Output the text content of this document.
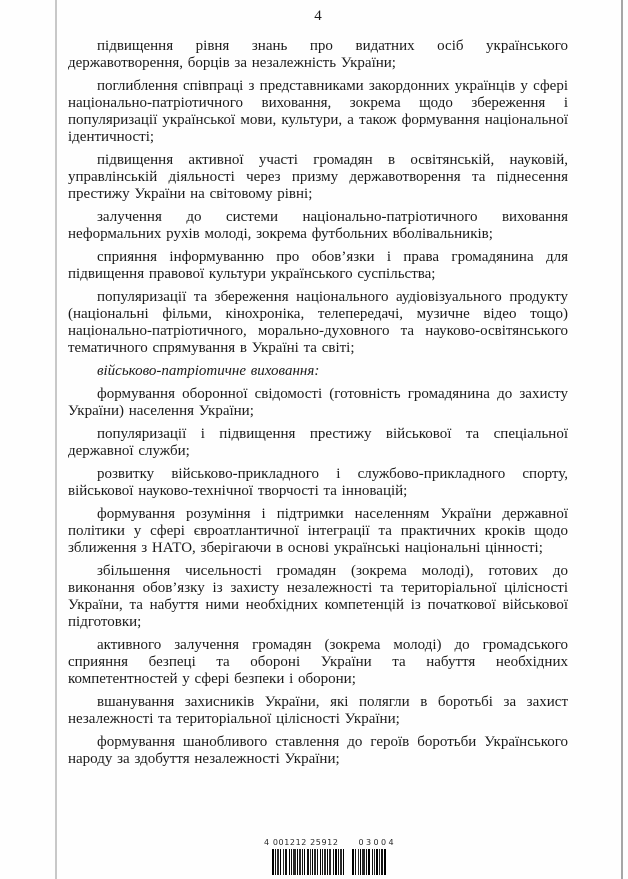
4

підвищення рівня знань про видатних осіб українського державотворення, борців за незалежність України;

поглиблення співпраці з представниками закордонних українців у сфері національно-патріотичного виховання, зокрема щодо збереження і популяризації української мови, культури, а також формування національної ідентичності;

підвищення активної участі громадян в освітянській, науковій, управлінській діяльності через призму державотворення та піднесення престижу України на світовому рівні;

залучення до системи національно-патріотичного виховання неформальних рухів молоді, зокрема футбольних вболівальників;

сприяння інформуванню про обов’язки і права громадянина для підвищення правової культури українського суспільства;

популяризації та збереження національного аудіовізуального продукту (національні фільми, кінохроніка, телепередачі, музичне відео тощо) національно-патріотичного, морально-духовного та науково-освітянського тематичного спрямування в Україні та світі;

військово-патріотичне виховання:

формування оборонної свідомості (готовність громадянина до захисту України) населення України;

популяризації і підвищення престижу військової та спеціальної державної служби;

розвитку військово-прикладного і службово-прикладного спорту, військової науково-технічної творчості та інновацій;

формування розуміння і підтримки населенням України державної політики у сфері євроатлантичної інтеграції та практичних кроків щодо зближення з НАТО, зберігаючи в основі українські національні цінності;

збільшення чисельності громадян (зокрема молоді), готових до виконання обов’язку із захисту незалежності та територіальної цілісності України, та набуття ними необхідних компетенцій із початкової військової підготовки;

активного залучення громадян (зокрема молоді) до громадського сприяння безпеці та обороні України та набуття необхідних компетентностей у сфері безпеки і оборони;

вшанування захисників України, які полягли в боротьбі за захист незалежності та територіальної цілісності України;

формування шанобливого ставлення до героїв боротьби Українського народу за здобуття незалежності України;

4 001212 25912 03004
